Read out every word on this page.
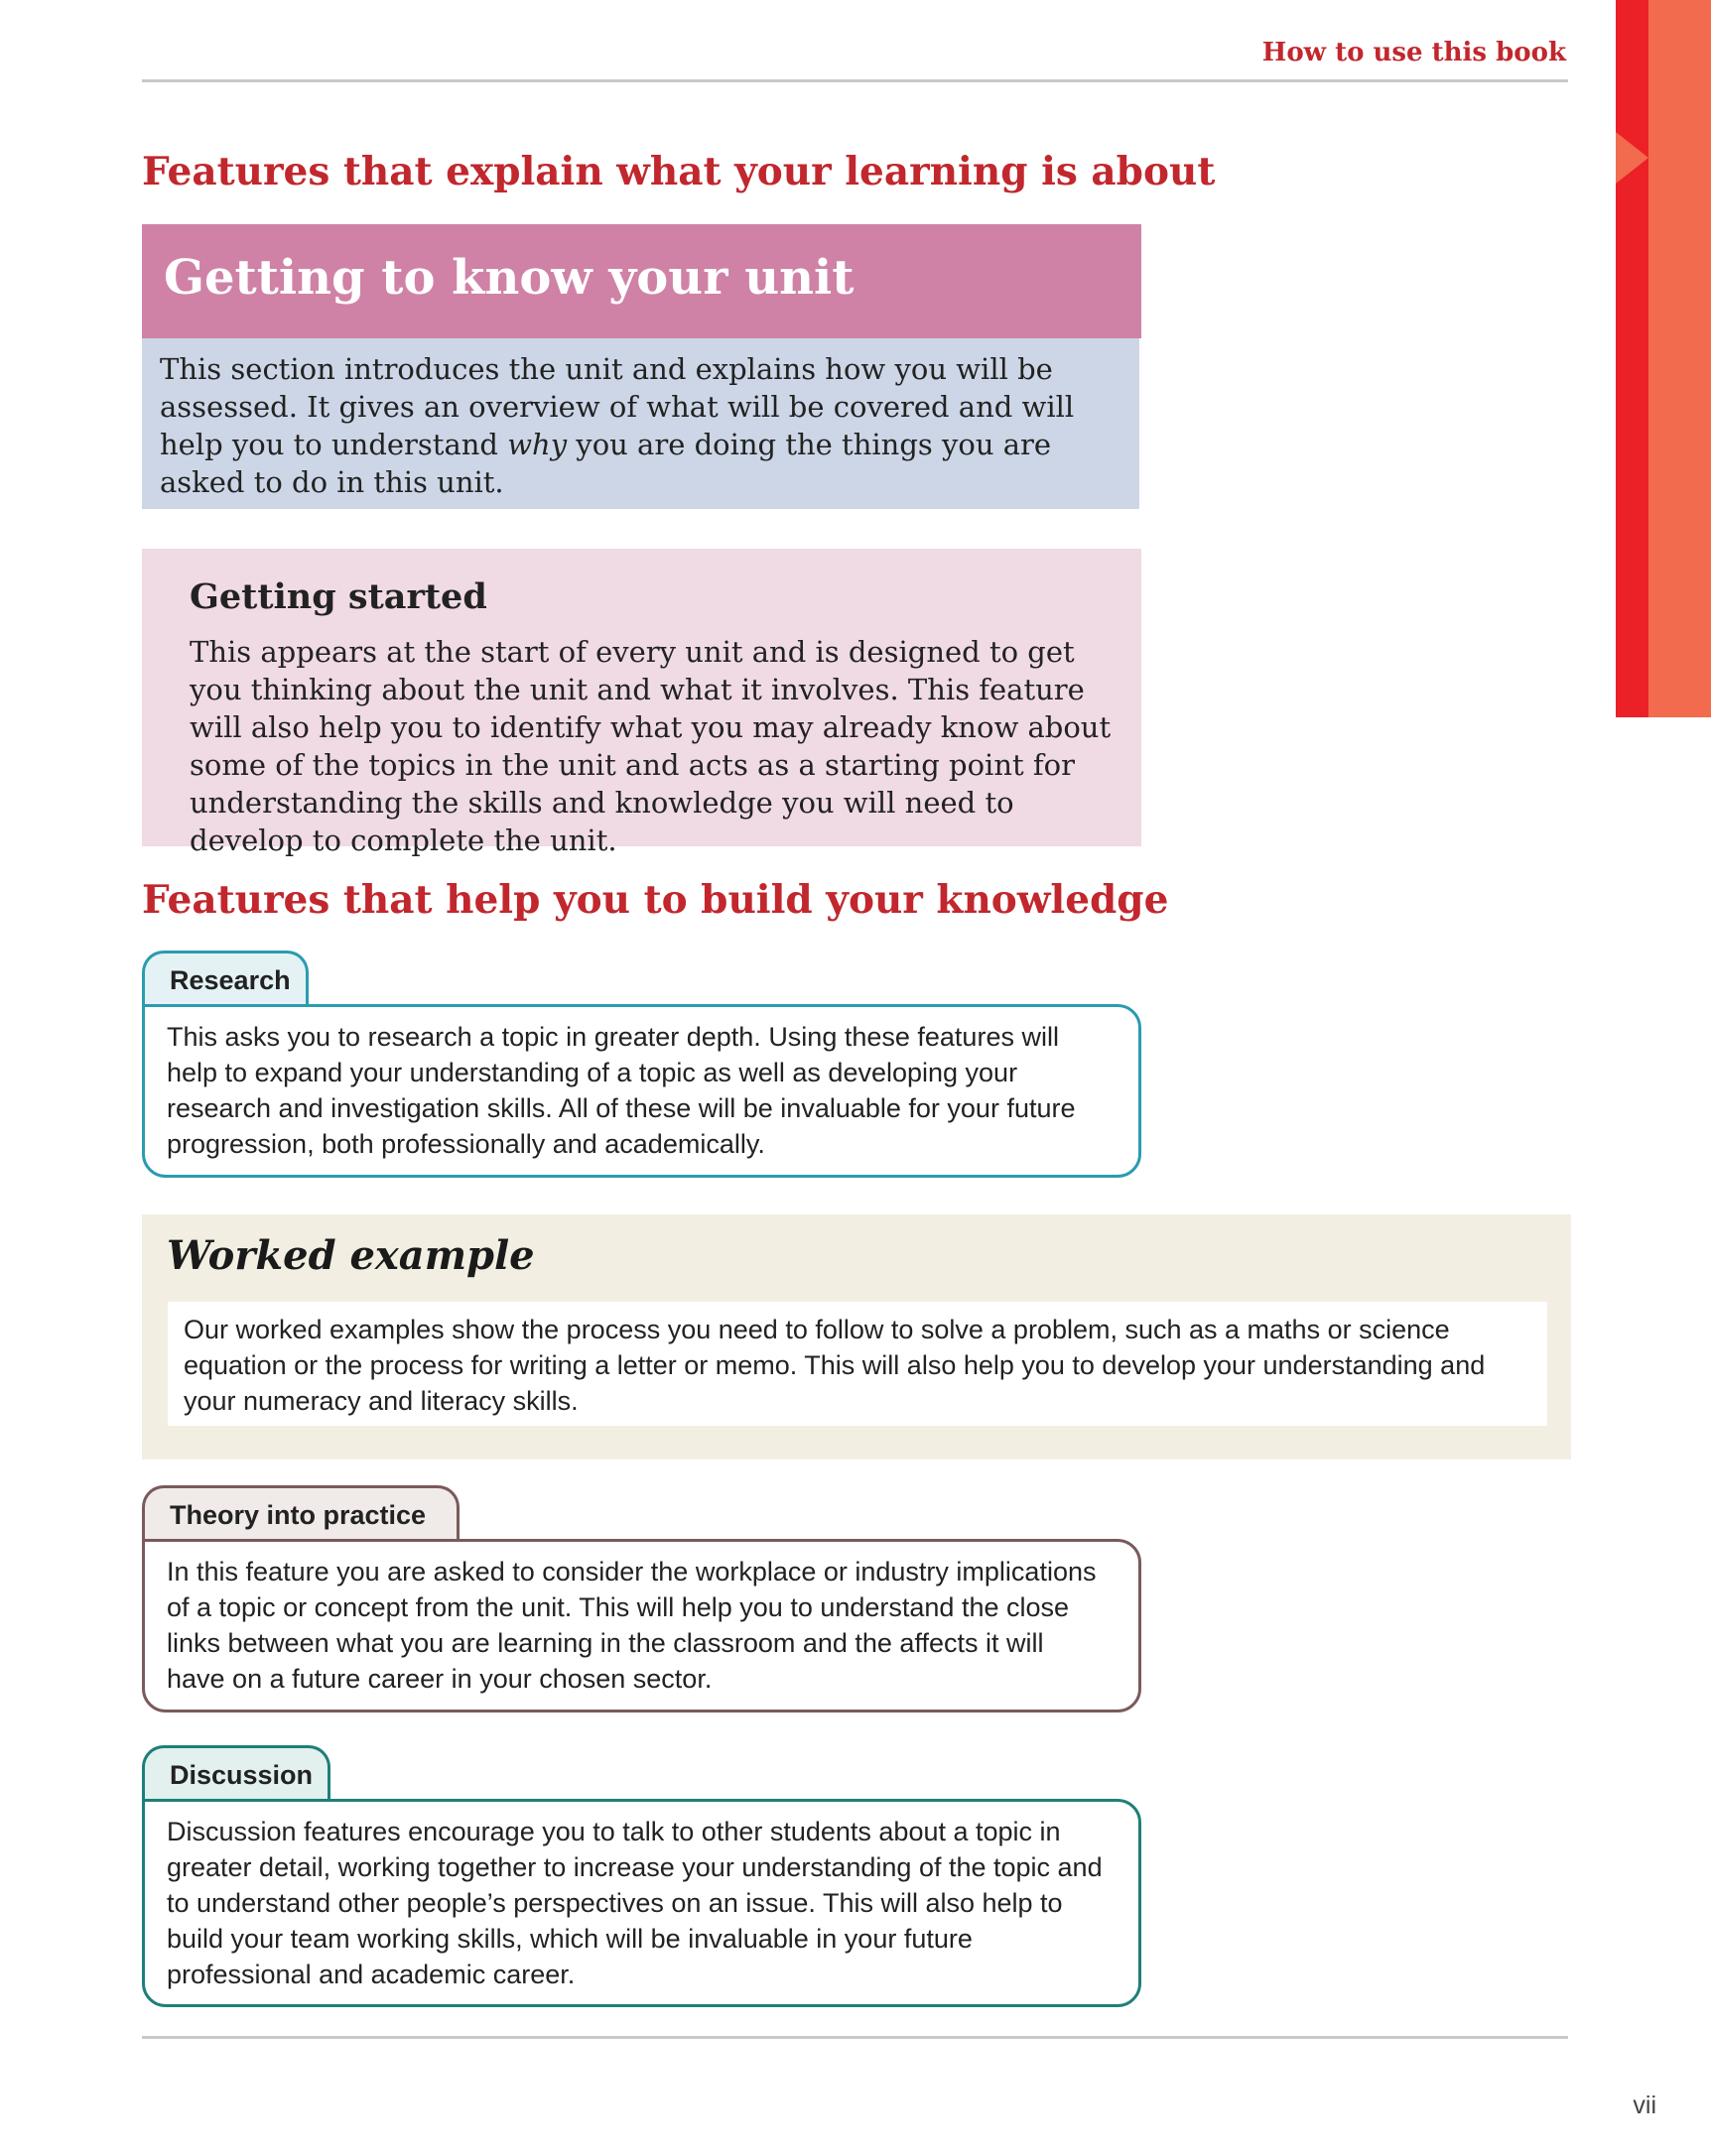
How to use this book
Features that explain what your learning is about
Getting to know your unit
This section introduces the unit and explains how you will be assessed. It gives an overview of what will be covered and will help you to understand why you are doing the things you are asked to do in this unit.
Getting started
This appears at the start of every unit and is designed to get you thinking about the unit and what it involves. This feature will also help you to identify what you may already know about some of the topics in the unit and acts as a starting point for understanding the skills and knowledge you will need to develop to complete the unit.
Features that help you to build your knowledge
Research
This asks you to research a topic in greater depth. Using these features will help to expand your understanding of a topic as well as developing your research and investigation skills. All of these will be invaluable for your future progression, both professionally and academically.
Worked example
Our worked examples show the process you need to follow to solve a problem, such as a maths or science equation or the process for writing a letter or memo. This will also help you to develop your understanding and your numeracy and literacy skills.
Theory into practice
In this feature you are asked to consider the workplace or industry implications of a topic or concept from the unit. This will help you to understand the close links between what you are learning in the classroom and the affects it will have on a future career in your chosen sector.
Discussion
Discussion features encourage you to talk to other students about a topic in greater detail, working together to increase your understanding of the topic and to understand other people’s perspectives on an issue. This will also help to build your team working skills, which will be invaluable in your future professional and academic career.
vii
